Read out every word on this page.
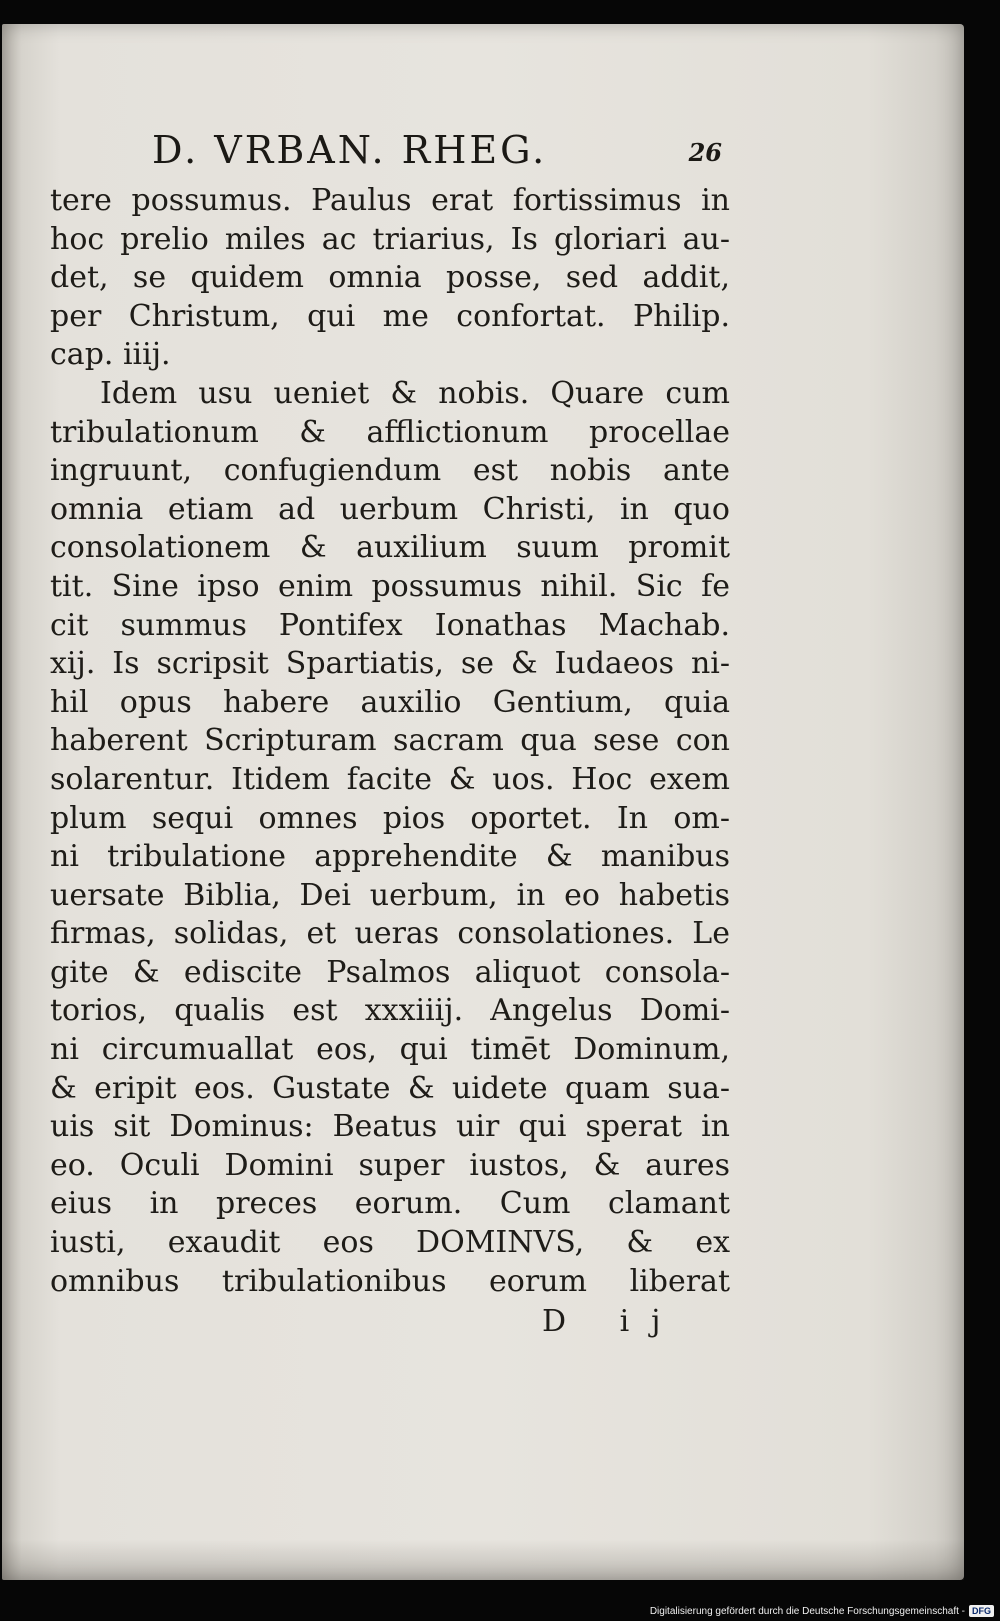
D. VRBAN. RHEG.	26
tere possumus. Paulus erat fortissimus in
hoc prelio miles ac triarius, Is gloriari au-
det, se quidem omnia posse, sed addit,
per Christum, qui me confortat. Philip.
cap. iiij.
Idem usu ueniet & nobis. Quare cum
tribulationum & afflictionum procellae
ingruunt, confugiendum est nobis ante
omnia etiam ad uerbum Christi, in quo
consolationem & auxilium suum promit
tit. Sine ipso enim possumus nihil. Sic fe
cit summus Pontifex Ionathas Machab.
xij. Is scripsit Spartiatis, se & Iudaeos ni-
hil opus habere auxilio Gentium, quia
haberent Scripturam sacram qua sese con
solarentur. Itidem facite & uos. Hoc exem
plum sequi omnes pios oportet. In om-
ni tribulatione apprehendite & manibus
uersate Biblia, Dei uerbum, in eo habetis
firmas, solidas, et ueras consolationes. Le
gite & ediscite Psalmos aliquot consola-
torios, qualis est xxxiiij. Angelus Domi-
ni circumuallat eos, qui timēt Dominum,
& eripit eos. Gustate & uidete quam sua-
uis sit Dominus: Beatus uir qui sperat in
eo. Oculi Domini super iustos, & aures
eius in preces eorum. Cum clamant
iusti, exaudit eos DOMINVS, & ex
omnibus tribulationibus eorum liberat
D ij
Digitalisierung gefördert durch die Deutsche Forschungsgemeinschaft - DFG
